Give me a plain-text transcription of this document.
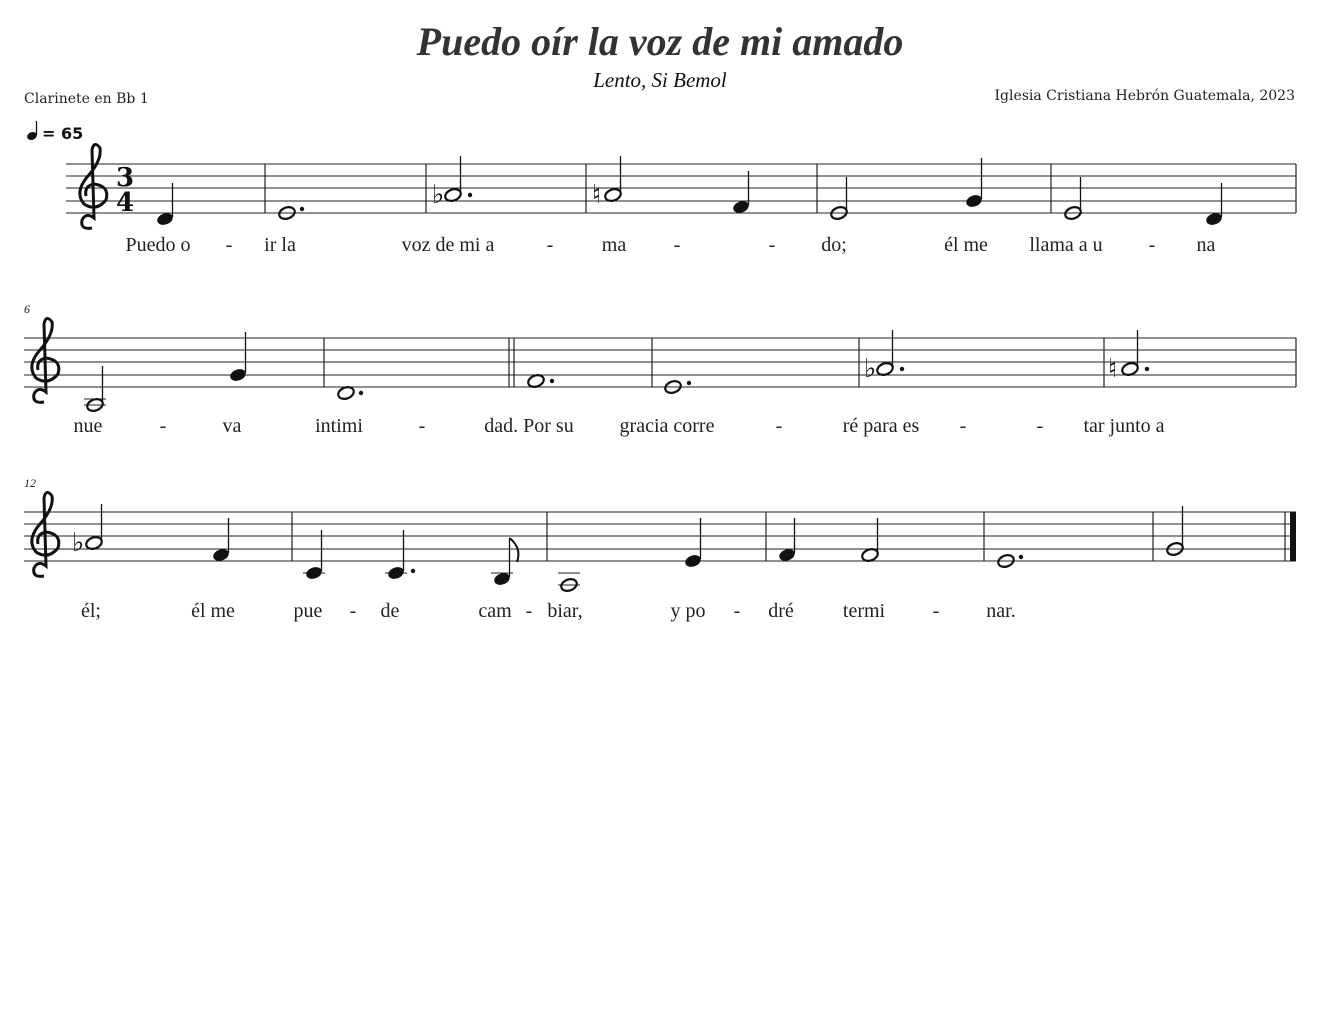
Puedo oír la voz de mi amado
Lento, Si Bemol
Clarinete en Bb 1	Iglesia Cristiana Hebrón Guatemala, 2023
= 65
3
4	♭	♮
Puedo o - ir la	voz de mi a	- ma -	- do;	él me llama a u - na
6
♭	♮
nue	-	va	intimi	-	dad. Por su gracia corre	-	ré para es -	- tar junto a
12
♭
él;	él me	pue - de	cam - biar,	y po - dré termi - nar.
